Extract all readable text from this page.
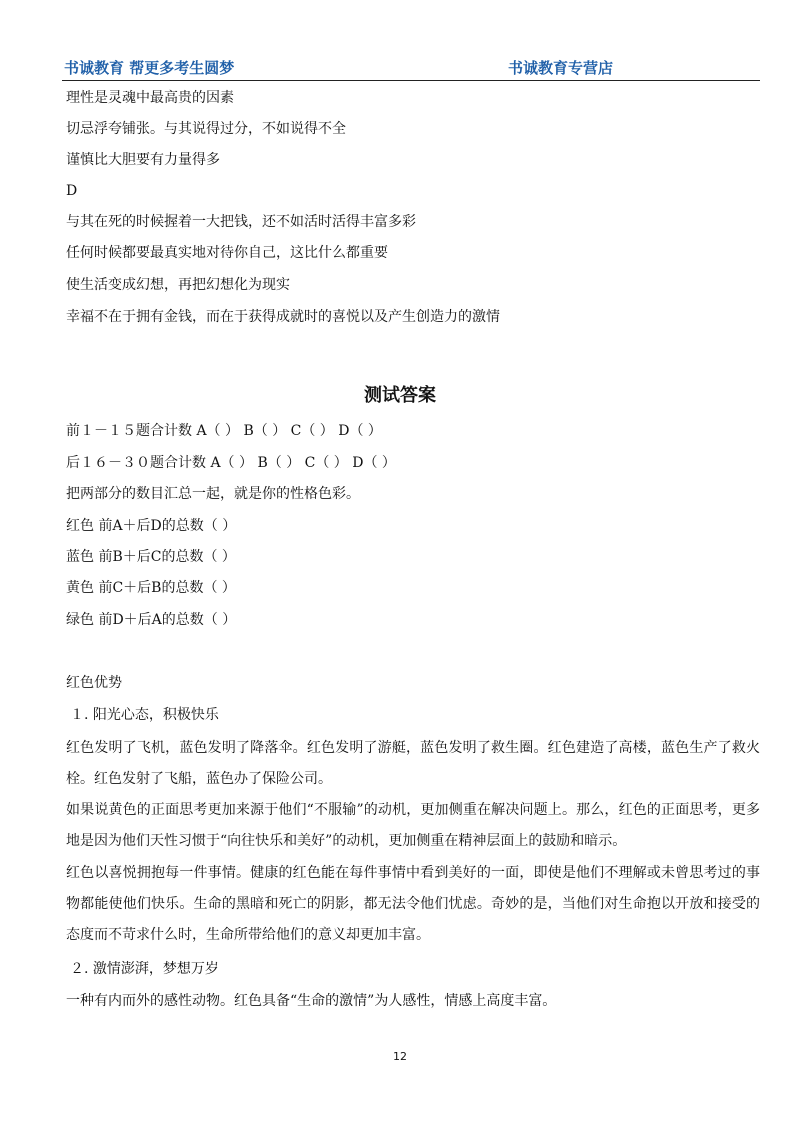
书诚教育 帮更多考生圆梦	书诚教育专营店
理性是灵魂中最高贵的因素
切忌浮夸铺张。与其说得过分，不如说得不全
谨慎比大胆要有力量得多
D
与其在死的时候握着一大把钱，还不如活时活得丰富多彩
任何时候都要最真实地对待你自己，这比什么都重要
使生活变成幻想，再把幻想化为现实
幸福不在于拥有金钱，而在于获得成就时的喜悦以及产生创造力的激情
测试答案
前１－１５题合计数 A（ ） B（ ） C（ ） D（ ）
后１６－３０题合计数 A（ ） B（ ） C（ ） D（ ）
把两部分的数目汇总一起，就是你的性格色彩。
红色 前A＋后D的总数（ ）
蓝色 前B＋后C的总数（ ）
黄色 前C＋后B的总数（ ）
绿色 前D＋后A的总数（ ）
红色优势
１. 阳光心态，积极快乐
红色发明了飞机，蓝色发明了降落伞。红色发明了游艇，蓝色发明了救生圈。红色建造了高楼，蓝色生产了救火栓。红色发射了飞船，蓝色办了保险公司。
如果说黄色的正面思考更加来源于他们“不服输”的动机，更加侧重在解决问题上。那么，红色的正面思考，更多地是因为他们天性习惯于“向往快乐和美好”的动机，更加侧重在精神层面上的鼓励和暗示。
红色以喜悦拥抱每一件事情。健康的红色能在每件事情中看到美好的一面，即使是他们不理解或未曾思考过的事物都能使他们快乐。生命的黑暗和死亡的阴影，都无法令他们忧虑。奇妙的是，当他们对生命抱以开放和接受的态度而不苛求什么时，生命所带给他们的意义却更加丰富。
２. 激情澎湃，梦想万岁
一种有内而外的感性动物。红色具备“生命的激情”为人感性，情感上高度丰富。
12
